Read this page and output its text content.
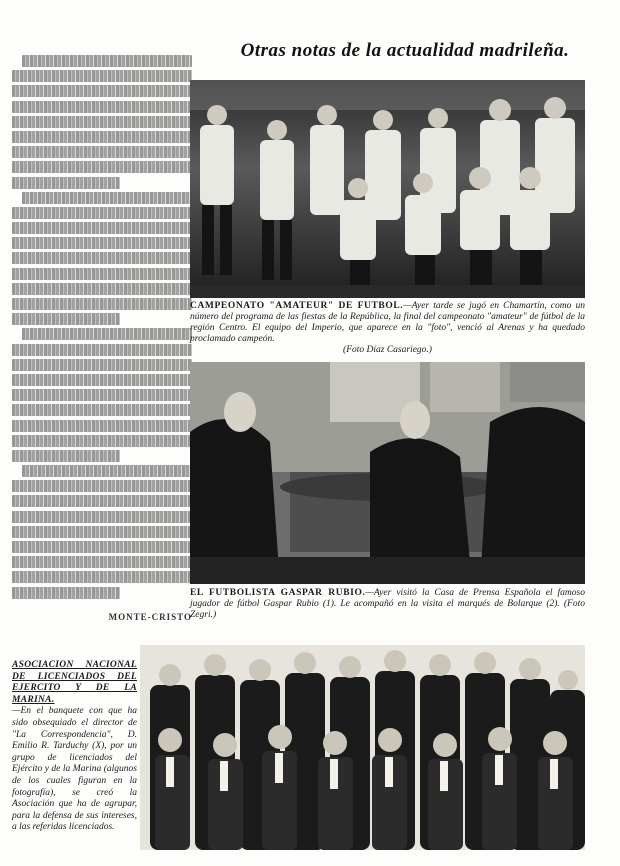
Otras notas de la actualidad madrileña.
MONTE-CRISTO
CAMPEONATO "AMATEUR" DE FUTBOL.—Ayer tarde se jugó en Chamartín, como un número del programa de las fiestas de la República, la final del campeonato "amateur" de fútbol de la región Centro. El equipo del Imperio, que aparece en la "foto", venció al Arenas y ha quedado proclamado campeón.
(Foto Díaz Casariego.)
EL FUTBOLISTA GASPAR RUBIO.—Ayer visitó la Casa de Prensa Española el famoso jugador de fútbol Gaspar Rubio (1). Le acompañó en la visita el marqués de Bolarque (2). (Foto Zegri.)
ASOCIACION NACIONAL DE LICENCIADOS DEL EJERCITO Y DE LA MARINA.
—En el banquete con que ha sido obsequiado el director de "La Correspondencia", D. Emilio R. Tarduchy (X), por un grupo de licenciados del Ejército y de la Marina (algunos de los cuales figuran en la fotografía), se creó la Asociación que ha de agrupar, para la defensa de sus intereses, a las referidas licenciados.
